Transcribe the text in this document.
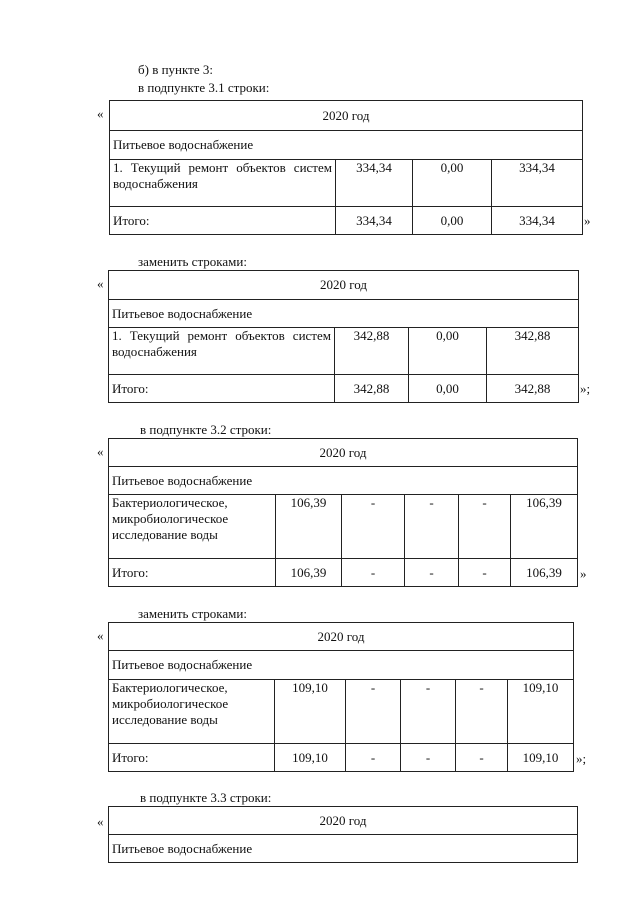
б) в пункте 3:
в подпункте 3.1 строки:
«	2020 год			
Питьевое водоснабжение			
1. Текущий ремонт объектов систем водоснабжения	334,34	0,00	334,34
Итого:	334,34	0,00	334,34 »
заменить строками:
«	2020 год			
Питьевое водоснабжение			
1. Текущий ремонт объектов систем водоснабжения	342,88	0,00	342,88
Итого:	342,88	0,00	342,88 »;
в подпункте 3.2 строки:
«	2020 год					
Питьевое водоснабжение					
Бактериологическое, микробиологическое исследование воды	106,39	-	-	-	106,39
Итого:	106,39	-	-	-	106,39 »
заменить строками:
«	2020 год					
Питьевое водоснабжение					
Бактериологическое, микробиологическое исследование воды	109,10	-	-	-	109,10
Итого:	109,10	-	-	-	109,10 »;
в подпункте 3.3 строки:
«	2020 год
Питьевое водоснабжение
